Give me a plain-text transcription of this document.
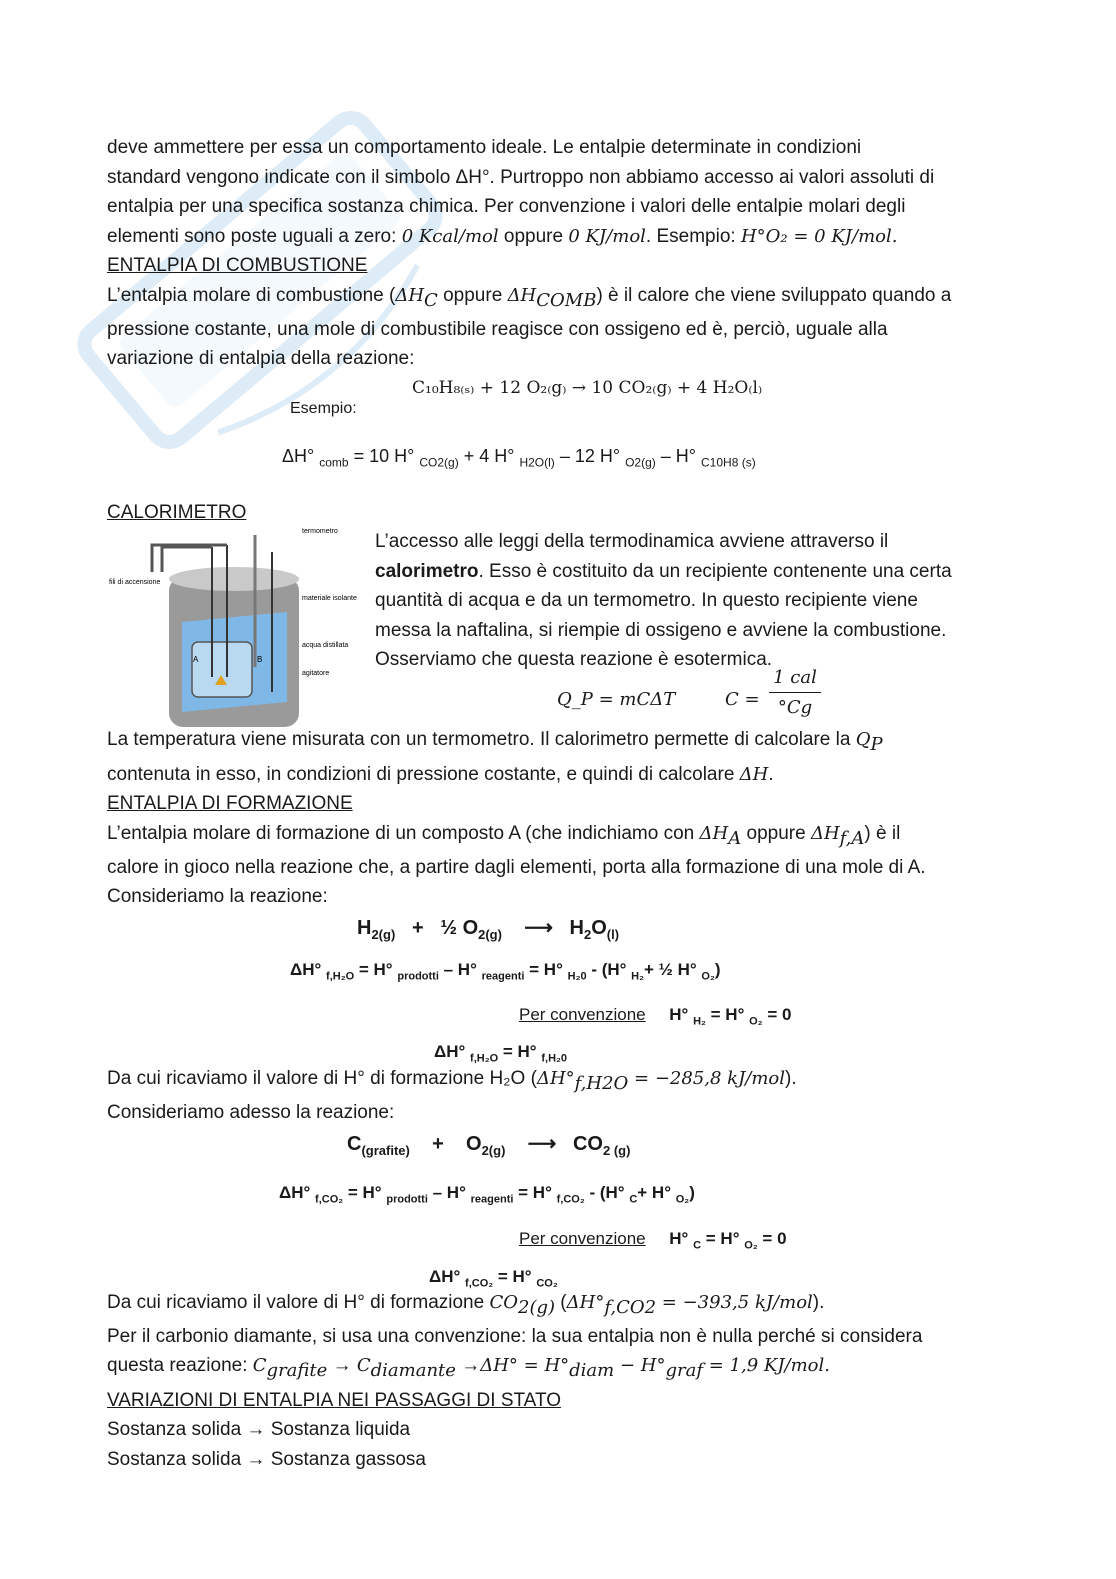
deve ammettere per essa un comportamento ideale. Le entalpie determinate in condizioni
standard vengono indicate con il simbolo ΔH°. Purtroppo non abbiamo accesso ai valori assoluti di
entalpia per una specifica sostanza chimica. Per convenzione i valori delle entalpie molari degli
elementi sono poste uguali a zero: 0 Kcal/mol oppure 0 KJ/mol. Esempio: H°O₂ = 0 KJ/mol.

ENTALPIA DI COMBUSTIONE

L’entalpia molare di combustione ($\Delta H_C$ oppure $\Delta H_{COMB}$) è il calore che viene sviluppato quando a
pressione costante, una mole di combustibile reagisce con ossigeno ed è, perciò, uguale alla
variazione di entalpia della reazione:

Esempio:
C₁₀H₈₍ₛ₎ + 12 O₂₍g₎ → 10 CO₂₍g₎ + 4 H₂O₍l₎
ΔH° $_{comb}$ = 10 H° $_{CO2(g)}$ + 4 H° $_{H2O(l)}$ – 12 H° $_{O2(g)}$ – H° $_{C10H8 (s)}$

CALORIMETRO

termometro
fili di accensione
materiale isolante
acqua distillata
agitatore
A	B
L’accesso alle leggi della termodinamica avviene attraverso il
calorimetro. Esso è costituito da un recipiente contenente una certa
quantità di acqua e da un termometro. In questo recipiente viene
messa la naftalina, si riempie di ossigeno e avviene la combustione.
Osserviamo che questa reazione è esotermica.
Q_P = mCΔT	C =
1 cal
°Cg

La temperatura viene misurata con un termometro. Il calorimetro permette di calcolare la $Q_P$
contenuta in esso, in condizioni di pressione costante, e quindi di calcolare ΔH.

ENTALPIA DI FORMAZIONE

L’entalpia molare di formazione di un composto A (che indichiamo con $\Delta H_A$ oppure $\Delta H_{f,A}$) è il
calore in gioco nella reazione che, a partire dagli elementi, porta alla formazione di una mole di A.
Consideriamo la reazione:

$H_{2(g)}$ + ½ $O_{2(g)}$ ⟶ $H_2O_{(l)}$
ΔH° $_{f,H_2O}$ = H° $_{prodotti}$ – H° $_{reagenti}$ = H° $_{H_20}$ - (H° $_{H_2}$+ ½ H° $_{O_2}$)
Per convenzione H° $_{H_2}$ = H° $_{O_2}$ = 0
ΔH° $_{f,H_2O}$ = H° $_{f,H_20}$

Da cui ricaviamo il valore di H° di formazione H₂O ($\Delta H^\circ_{f,H2O} = -285,8$ kJ/mol).
Consideriamo adesso la reazione:

$C_{(grafite)} + O_{2(g)}$ ⟶ $CO_{2 (g)}$
ΔH° $_{f,CO_2}$ = H° $_{prodotti}$ – H° $_{reagenti}$ = H° $_{f,CO_2}$ - (H° $_C$+ H° $_{O_2}$)
Per convenzione H° $_C$ = H° $_{O_2}$ = 0
ΔH° $_{f,CO_2}$ = H° $_{CO_2}$

Da cui ricaviamo il valore di H° di formazione $CO_{2(g)}$ ($\Delta H^\circ_{f,CO2} = -393,5$ kJ/mol).
Per il carbonio diamante, si usa una convenzione: la sua entalpia non è nulla perché si considera
questa reazione: $C_{grafite} \to C_{diamante} \to\Delta H^\circ = H^\circ_{diam} - H^\circ_{graf} = 1,9$ KJ/mol.

VARIAZIONI DI ENTALPIA NEI PASSAGGI DI STATO

Sostanza solida → Sostanza liquida
Sostanza solida → Sostanza gassosa
